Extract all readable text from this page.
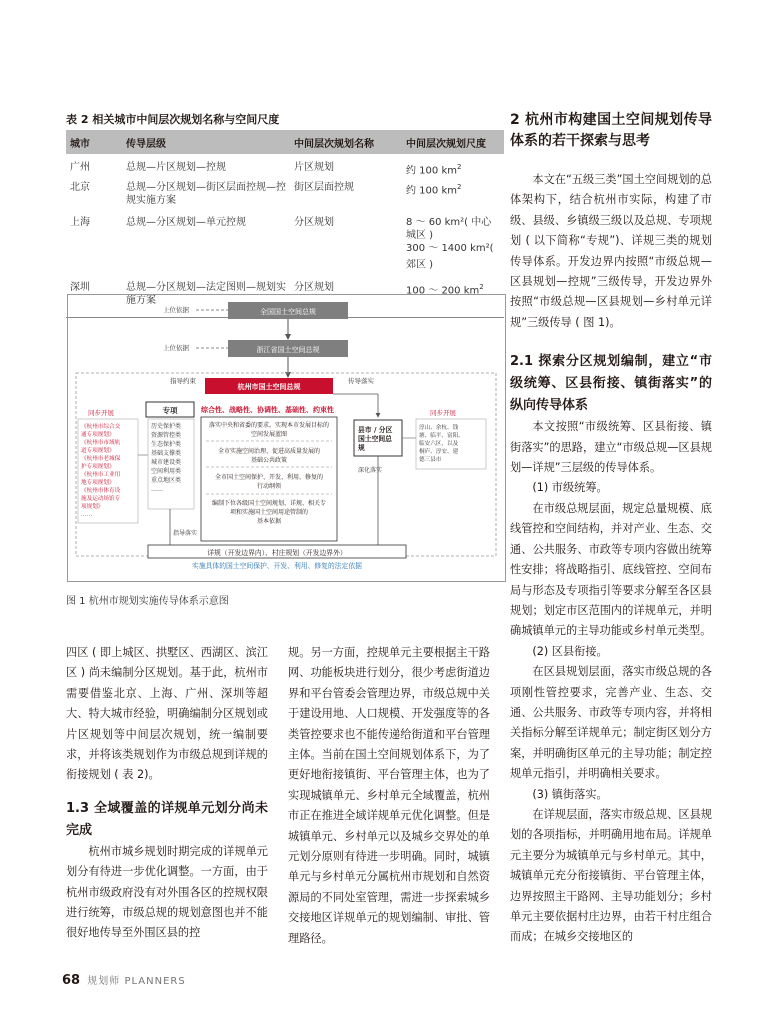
表 2 相关城市中间层次规划名称与空间尺度
城市	传导层级	中间层次规划名称	中间层次规划尺度
广州	总规—片区规划—控规	片区规划	约 100 $km^2$
北京	总规—分区规划—街区层面控规—控规实施方案	街区层面控规	约 100 $km^2$
上海	总规—分区规划—单元控规	分区规划	8 ～ 60 km²( 中心城区 )
300 ～ 1400 km²( 郊区 )
深圳	总规—分区规划—法定图则—规划实施方案	分区规划	100 ～ 200 $km^2$
上位依据	全国国土空间总规
上位依据	浙江省国土空间总规
指导约束	传导落实
杭州市国土空间总规
同步开展	同步开展
专项	综合性、战略性、协调性、基础性、约束性
《杭州市综合交通专项规划》 《杭州市市域轨道专项规划》 《杭州市老城保护专项规划》 《杭州市工业用地专项规划》 《杭州市体育设施及运动场馆专 项规划》……
历史保护类资源管控类 生态保护类基础支撑类 城市建设类空间利用类 重点地区类……
落实中央和省委的要求，实现本市发展目标的空间发展蓝图
全市实施空间治理、促进高质量发展的基础公共政策
全市国土空间保护、开发、利用、修复的行动纲领
编制下位各级国土空间规划、详规、相关专项和实施国土空间用途管制的基本依据
县市 / 分区国土空间总规
深化落实
淳山、余杭、钱塘、临平、富阳、 临安六区，以及桐庐、淳安、建德三县市
指导落实
详规（开发边界内）、村庄规划（开发边界外）
实施具体的国土空间保护、开发、利用、修复的法定依据
图 1 杭州市规划实施传导体系示意图

四区 ( 即上城区、拱墅区、西湖区、滨江区 ) 尚未编制分区规划。基于此，杭州市需要借鉴北京、上海、广州、深圳等超大、特大城市经验，明确编制分区规划或片区规划等中间层次规划，统一编制要求，并将该类规划作为市级总规到详规的衔接规划 ( 表 2)。

1.3 全域覆盖的详规单元划分尚未完成

杭州市城乡规划时期完成的详规单元划分有待进一步优化调整。一方面，由于杭州市级政府没有对外围各区的控规权限进行统筹，市级总规的规划意图也并不能很好地传导至外围区县的控

规。另一方面，控规单元主要根据主干路网、功能板块进行划分，很少考虑街道边界和平台管委会管理边界，市级总规中关于建设用地、人口规模、开发强度等的各类管控要求也不能传递给街道和平台管理主体。当前在国土空间规划体系下，为了更好地衔接镇街、平台管理主体，也为了实现城镇单元、乡村单元全域覆盖，杭州市正在推进全域详规单元优化调整。但是城镇单元、乡村单元以及城乡交界处的单元划分原则有待进一步明确。同时，城镇单元与乡村单元分属杭州市规划和自然资源局的不同处室管理，需进一步探索城乡交接地区详规单元的规划编制、审批、管理路径。

2 杭州市构建国土空间规划传导体系的若干探索与思考

本文在“五级三类”国土空间规划的总体架构下，结合杭州市实际，构建了市级、县级、乡镇级三级以及总规、专项规划 ( 以下简称“专规”)、详规三类的规划传导体系。开发边界内按照“市级总规—区县规划—控规”三级传导，开发边界外按照“市级总规—区县规划—乡村单元详规”三级传导 ( 图 1)。

2.1 探索分区规划编制，建立“市级统筹、区县衔接、镇街落实”的纵向传导体系

本文按照“市级统筹、区县衔接、镇街落实”的思路，建立“市级总规—区县规划—详规”三层级的传导体系。

(1) 市级统筹。

在市级总规层面，规定总量规模、底线管控和空间结构，并对产业、生态、交通、公共服务、市政等专项内容做出统筹性安排；将战略指引、底线管控、空间布局与形态及专项指引等要求分解至各区县规划；划定市区范围内的详规单元，并明确城镇单元的主导功能或乡村单元类型。

(2) 区县衔接。

在区县规划层面，落实市级总规的各项刚性管控要求，完善产业、生态、交通、公共服务、市政等专项内容，并将相关指标分解至详规单元；制定街区划分方案，并明确街区单元的主导功能；制定控规单元指引，并明确相关要求。

(3) 镇街落实。

在详规层面，落实市级总规、区县规划的各项指标，并明确用地布局。详规单元主要分为城镇单元与乡村单元。其中，城镇单元充分衔接镇街、平台管理主体，边界按照主干路网、主导功能划分；乡村单元主要依据村庄边界，由若干村庄组合而成；在城乡交接地区的

68 规划师 PLANNERS
